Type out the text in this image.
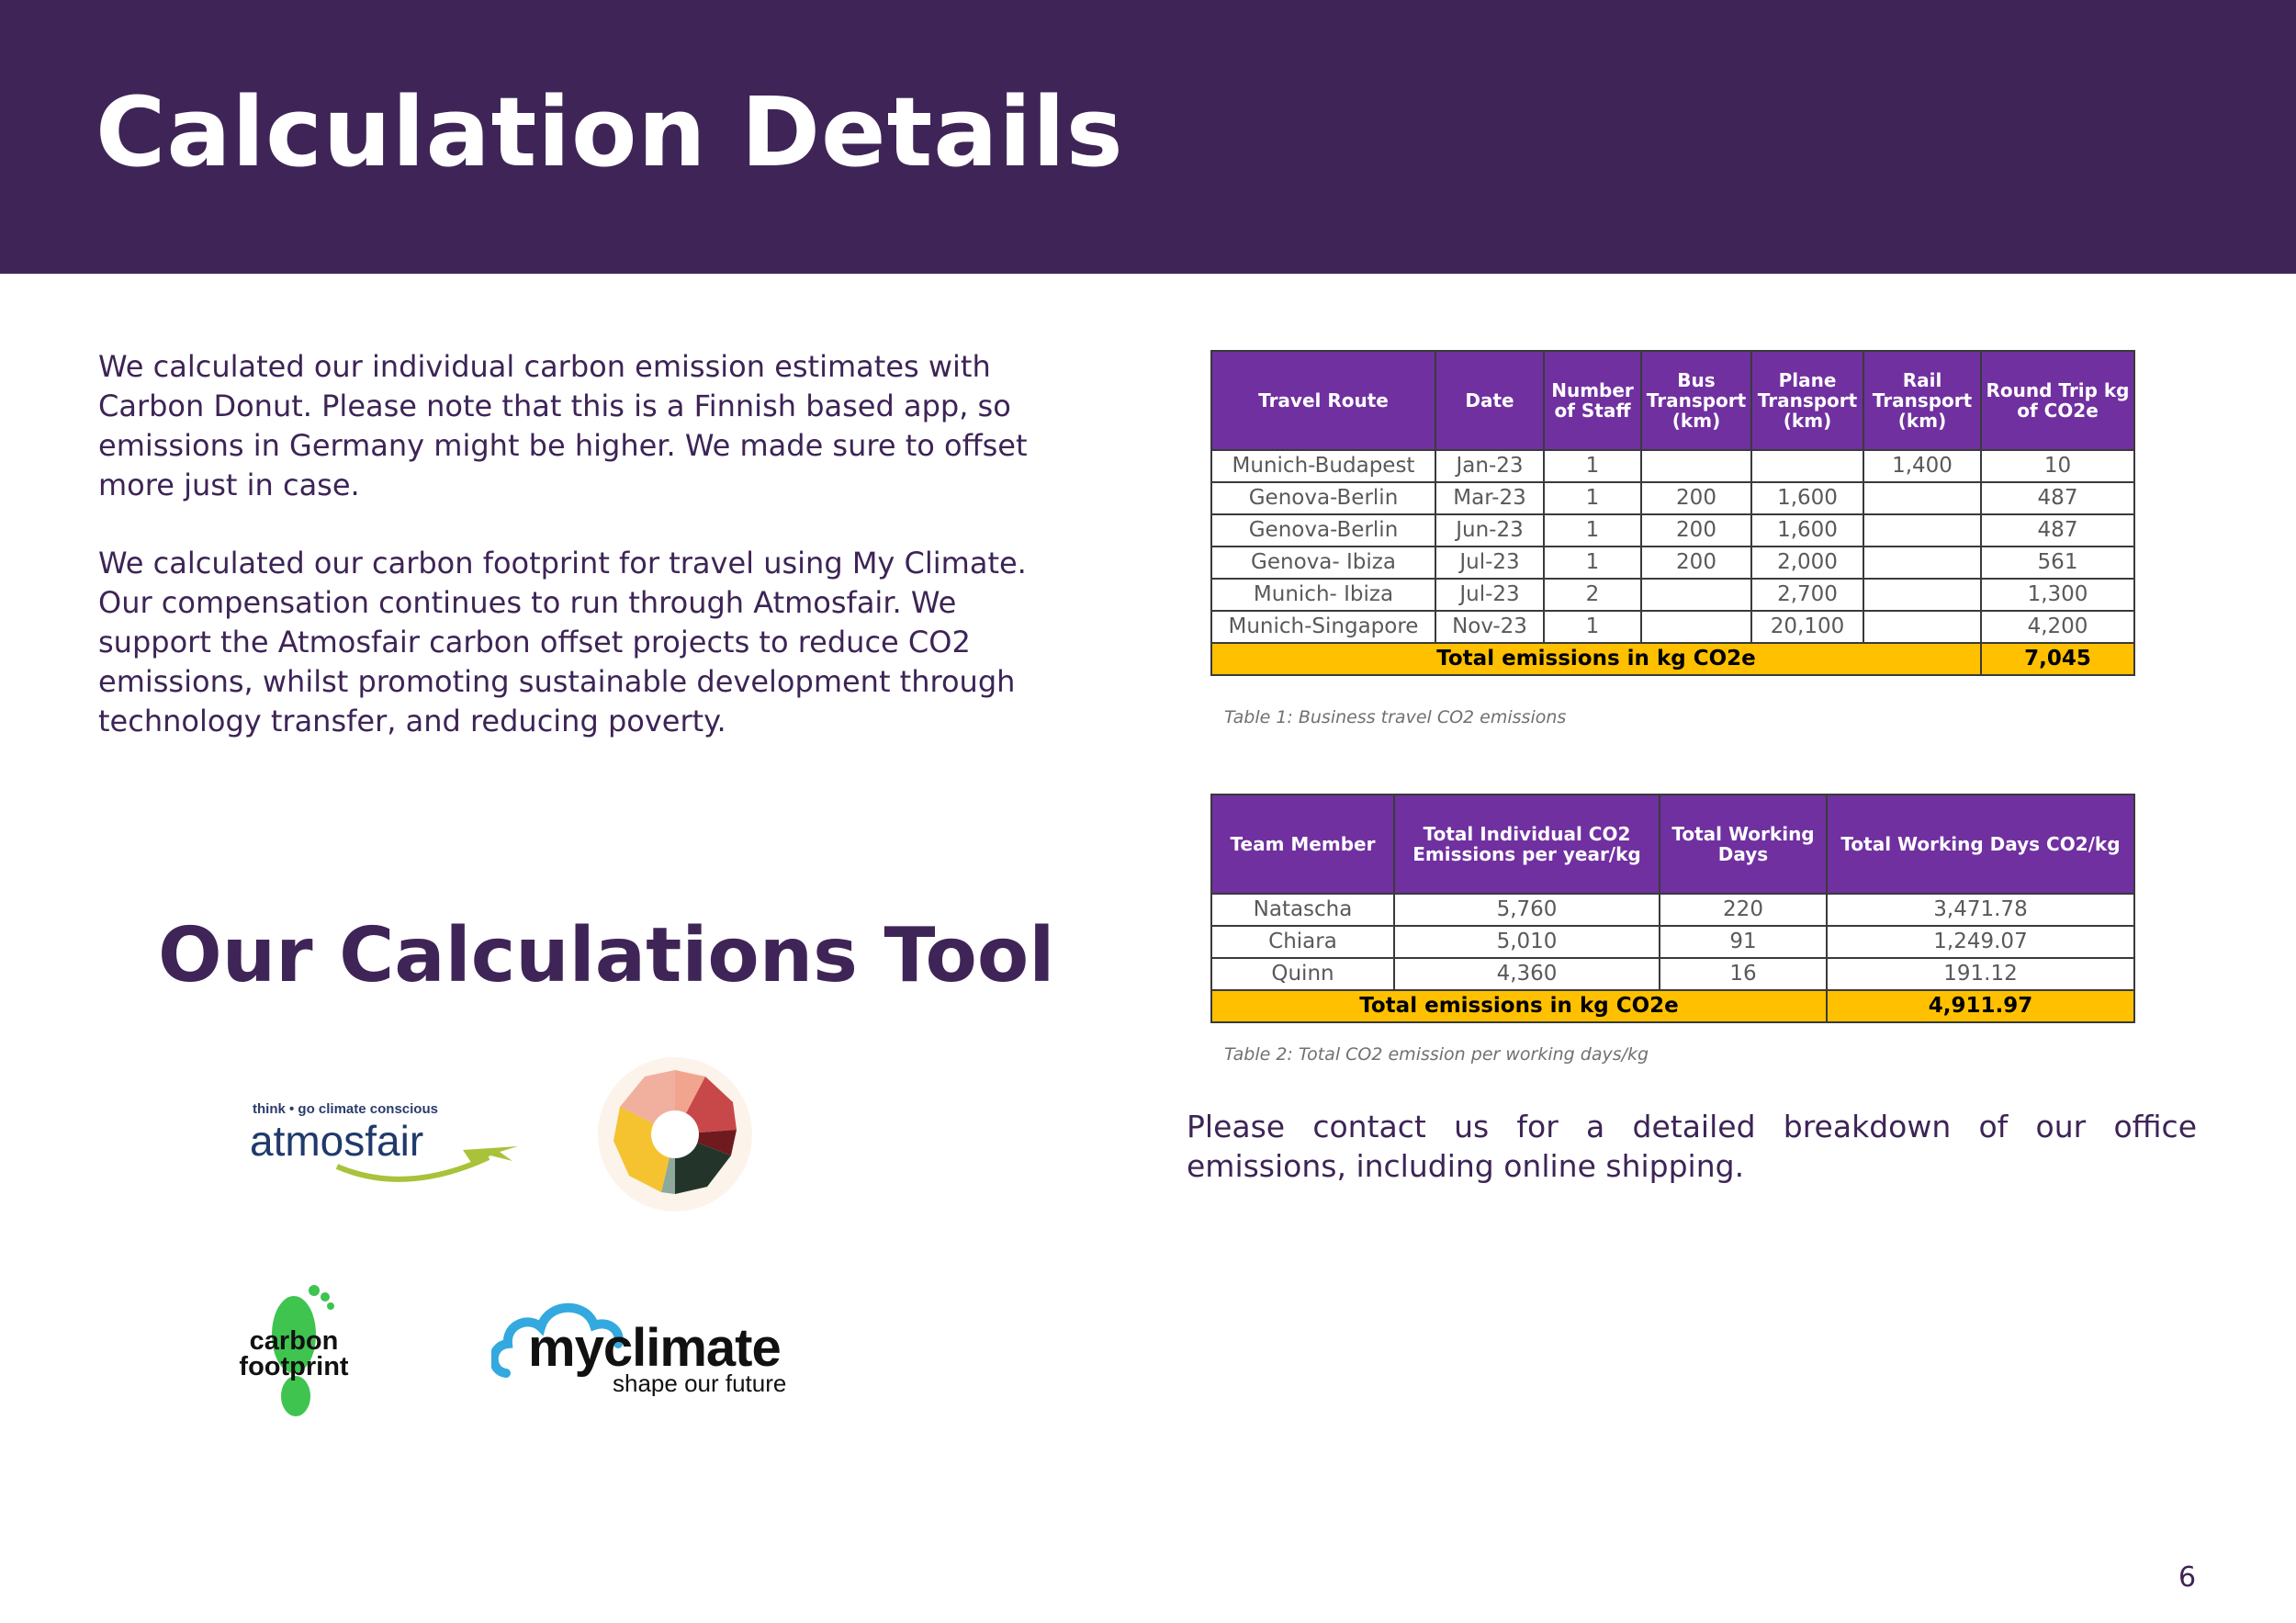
Calculation Details

We calculated our individual carbon emission estimates with Carbon Donut. Please note that this is a Finnish based app, so emissions in Germany might be higher. We made sure to offset more just in case.

We calculated our carbon footprint for travel using My Climate. Our compensation continues to run through Atmosfair. We support the Atmosfair carbon offset projects to reduce CO2 emissions, whilst promoting sustainable development through technology transfer, and reducing poverty.

Our Calculations Tool
think • go climate conscious
atmosfair
carbon
footprint	myclimate
shape our future
Travel Route	Date	Number of Staff	Bus Transport (km)	Plane Transport (km)	Rail Transport (km)	Round Trip kg of CO2e
Munich-Budapest	Jan-23	1			1,400	10
Genova-Berlin	Mar-23	1	200	1,600		487
Genova-Berlin	Jun-23	1	200	1,600		487
Genova- Ibiza	Jul-23	1	200	2,000		561
Munich- Ibiza	Jul-23	2		2,700		1,300
Munich-Singapore	Nov-23	1		20,100		4,200
Total emissions in kg CO2e						7,045
Table 1: Business travel CO2 emissions
Team Member	Total Individual CO2 Emissions per year/kg	Total Working Days	Total Working Days CO2/kg
Natascha	5,760	220	3,471.78
Chiara	5,010	91	1,249.07
Quinn	4,360	16	191.12
Total emissions in kg CO2e			4,911.97
Table 2: Total CO2 emission per working days/kg

Please contact us for a detailed breakdown of our office emissions, including online shipping.

6
